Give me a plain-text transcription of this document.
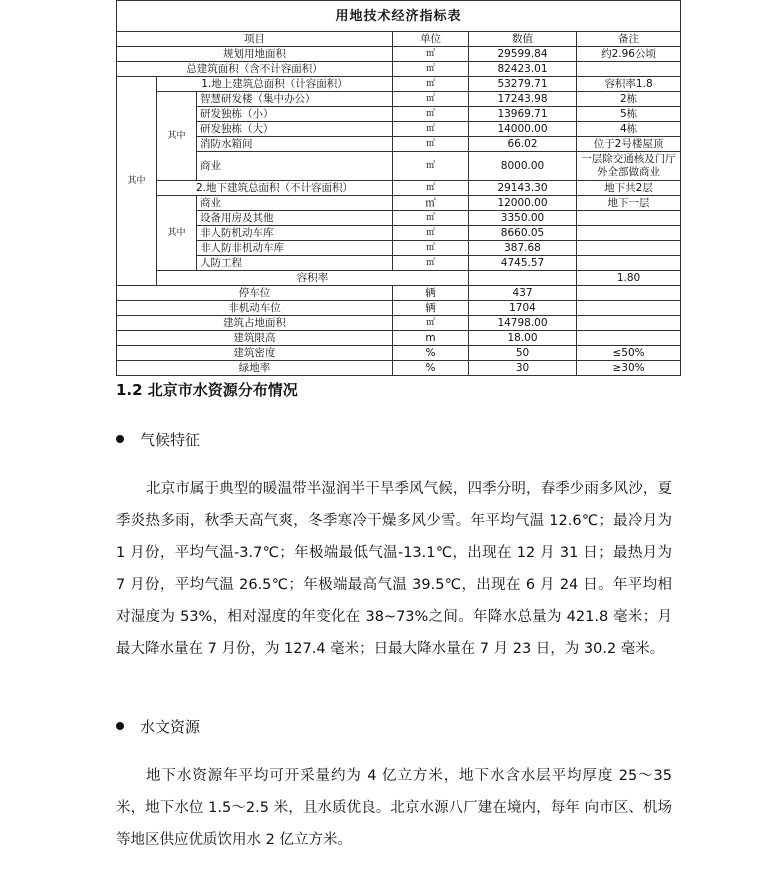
用地技术经济指标表						
项目			单位	数值	备注	
规划用地面积			㎡	29599.84	约2.96公顷	
总建筑面积（含不计容面积）			㎡	82423.01		
其中	1.地上建筑总面积（计容面积）		㎡	53279.71	容积率1.8	
	其中	智慧研发楼（集中办公）	㎡	17243.98	2栋	
		研发独栋（小）	㎡	13969.71	5栋	
		研发独栋（大）	㎡	14000.00	4栋	
		消防水箱间	㎡	66.02	位于2号楼屋顶	
		商业	㎡	8000.00	一层除交通核及门厅外全部做商业	
	2.地下建筑总面积（不计容面积）		㎡	29143.30	地下共2层	
	其中	商业	㎡	12000.00	地下一层	
		设备用房及其他	㎡	3350.00		
		非人防机动车库	㎡	8660.05		
		非人防非机动车库	㎡	387.68		
		人防工程	㎡	4745.57		
	容积率				1.80	
停车位			辆	437		
非机动车位			辆	1704		
建筑占地面积			㎡	14798.00		
建筑限高			m	18.00		
建筑密度			%	50	≤50%	
绿地率			%	30	≥30%	
1.2 北京市水资源分布情况
气候特征
北京市属于典型的暖温带半湿润半干旱季风气候，四季分明，春季少雨多风沙，夏季炎热多雨，秋季天高气爽，冬季寒冷干燥多风少雪。年平均气温 12.6℃；最冷月为 1 月份，平均气温-3.7℃；年极端最低气温-13.1℃，出现在 12 月 31 日；最热月为 7 月份，平均气温 26.5℃；年极端最高气温 39.5℃，出现在 6 月 24 日。年平均相对湿度为 53%，相对湿度的年变化在 38~73%之间。年降水总量为 421.8 毫米；月最大降水量在 7 月份，为 127.4 毫米；日最大降水量在 7 月 23 日，为 30.2 毫米。
水文资源
地下水资源年平均可开采量约为 4 亿立方米，地下水含水层平均厚度 25～35 米，地下水位 1.5～2.5 米，且水质优良。北京水源八厂建在境内，每年 向市区、机场等地区供应优质饮用水 2 亿立方米。
